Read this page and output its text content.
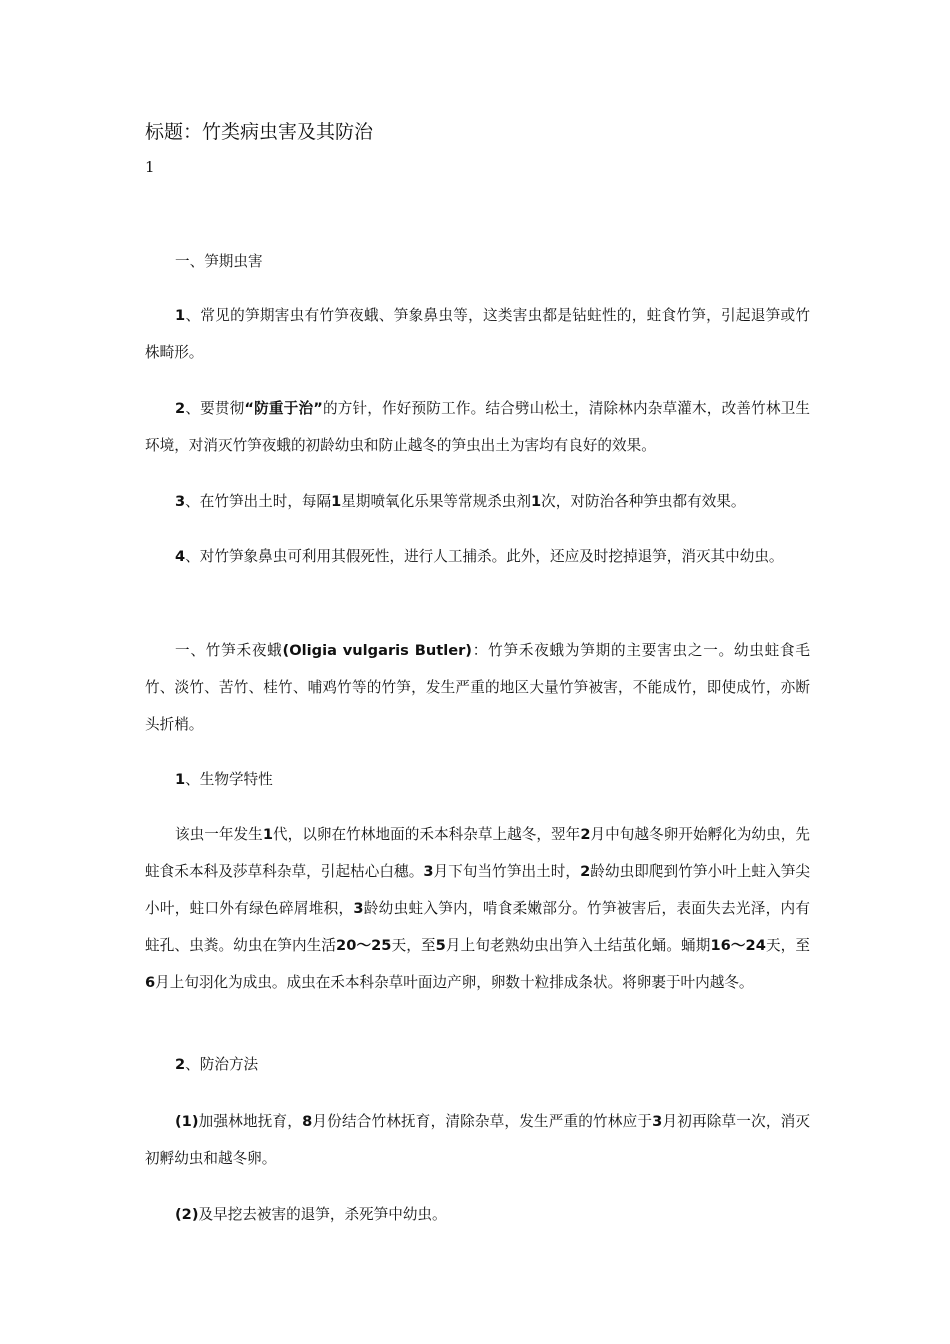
标题：竹类病虫害及其防治
1

一、笋期虫害

1、常见的笋期害虫有竹笋夜蛾、笋象鼻虫等，这类害虫都是钻蛀性的，蛀食竹笋，引起退笋或竹株畸形。

2、要贯彻“防重于治”的方针，作好预防工作。结合劈山松土，清除林内杂草灌木，改善竹林卫生环境，对消灭竹笋夜蛾的初龄幼虫和防止越冬的笋虫出土为害均有良好的效果。

3、在竹笋出土时，每隔1星期喷氧化乐果等常规杀虫剂1次，对防治各种笋虫都有效果。

4、对竹笋象鼻虫可利用其假死性，进行人工捕杀。此外，还应及时挖掉退笋，消灭其中幼虫。

一、竹笋禾夜蛾(Oligia vulgaris Butler)：竹笋禾夜蛾为笋期的主要害虫之一。幼虫蛀食毛竹、淡竹、苦竹、桂竹、哺鸡竹等的竹笋，发生严重的地区大量竹笋被害，不能成竹，即使成竹，亦断头折梢。

1、生物学特性

该虫一年发生1代，以卵在竹林地面的禾本科杂草上越冬，翌年2月中旬越冬卵开始孵化为幼虫，先蛀食禾本科及莎草科杂草，引起枯心白穗。3月下旬当竹笋出土时，2龄幼虫即爬到竹笋小叶上蛀入笋尖小叶，蛀口外有绿色碎屑堆积，3龄幼虫蛀入笋内，啃食柔嫩部分。竹笋被害后，表面失去光泽，内有蛀孔、虫粪。幼虫在笋内生活20～25天，至5月上旬老熟幼虫出笋入土结茧化蛹。蛹期16～24天，至6月上旬羽化为成虫。成虫在禾本科杂草叶面边产卵，卵数十粒排成条状。将卵裹于叶内越冬。

2、防治方法

(1)加强林地抚育，8月份结合竹林抚育，清除杂草，发生严重的竹林应于3月初再除草一次，消灭初孵幼虫和越冬卵。

(2)及早挖去被害的退笋，杀死笋中幼虫。
